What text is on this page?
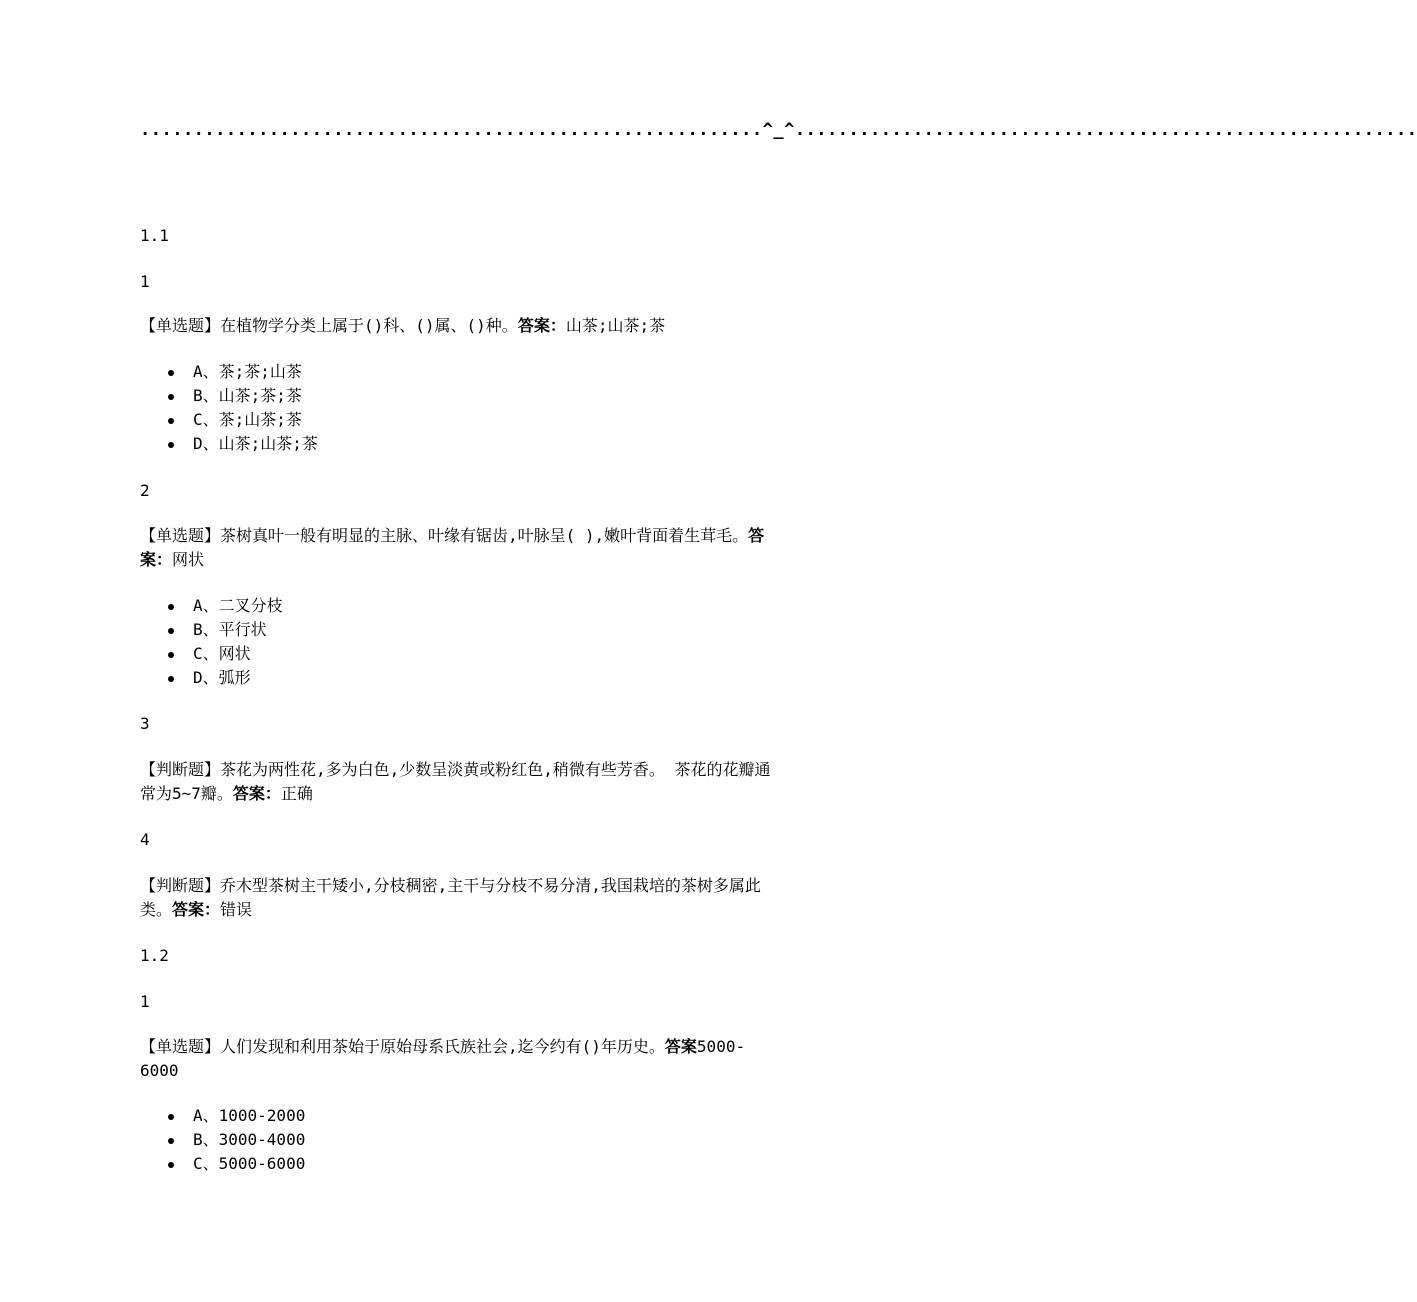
..........................................................^_^..........................................................
1.1
1
【单选题】在植物学分类上属于()科、()属、()种。答案：山茶;山茶;茶
A、茶;茶;山茶
B、山茶;茶;茶
C、茶;山茶;茶
D、山茶;山茶;茶
2
【单选题】茶树真叶一般有明显的主脉、叶缘有锯齿,叶脉呈( ),嫩叶背面着生茸毛。答案：网状
A、二叉分枝
B、平行状
C、网状
D、弧形
3
【判断题】茶花为两性花,多为白色,少数呈淡黄或粉红色,稍微有些芳香。 茶花的花瓣通常为5~7瓣。答案：正确
4
【判断题】乔木型茶树主干矮小,分枝稠密,主干与分枝不易分清,我国栽培的茶树多属此类。答案：错误
1.2
1
【单选题】人们发现和利用茶始于原始母系氏族社会,迄今约有()年历史。答案5000-6000
A、1000-2000
B、3000-4000
C、5000-6000
